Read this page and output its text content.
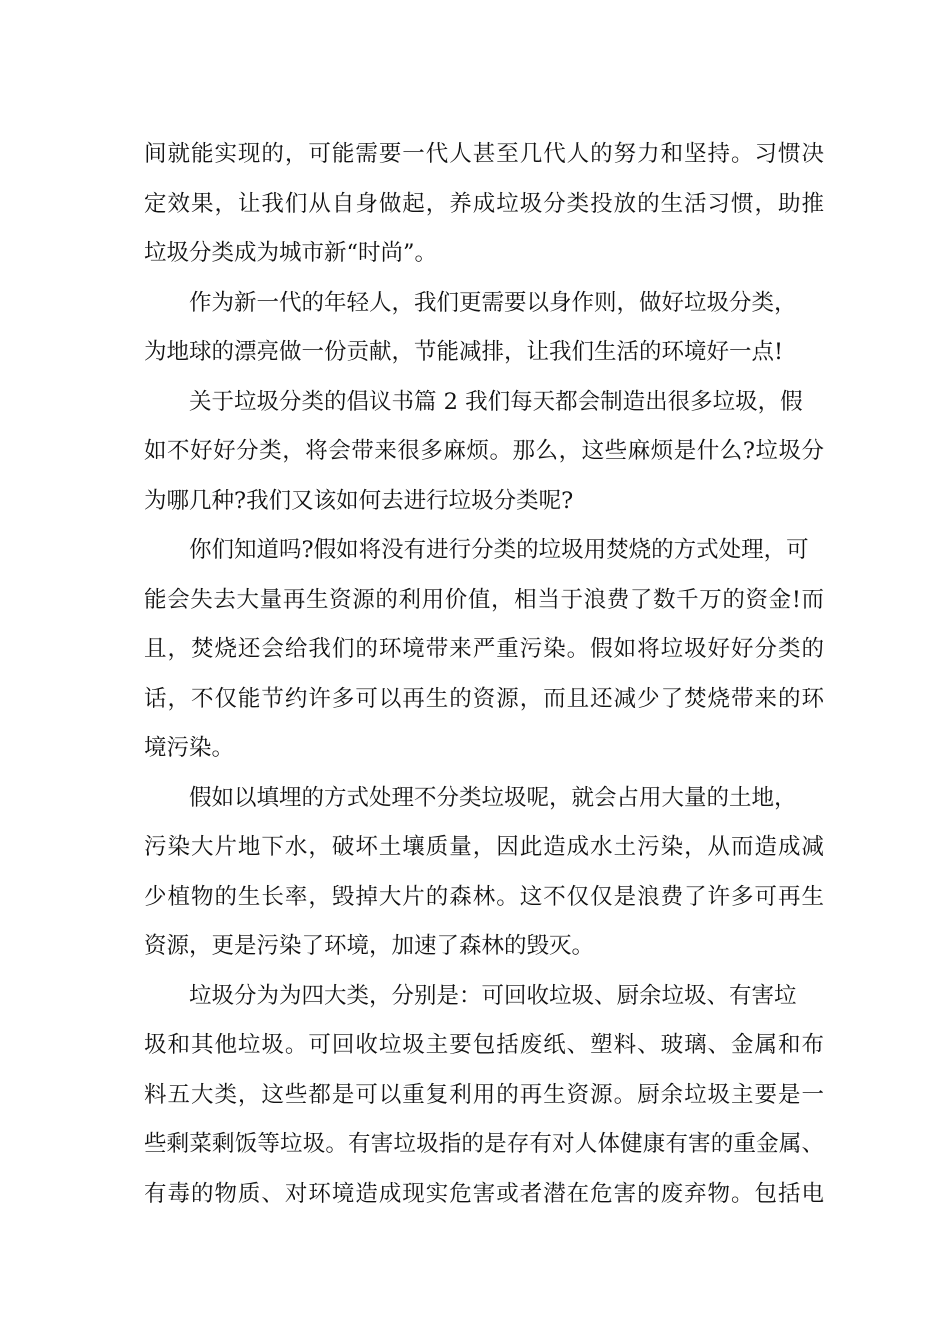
间就能实现的，可能需要一代人甚至几代人的努力和坚持。习惯决
定效果，让我们从自身做起，养成垃圾分类投放的生活习惯，助推
垃圾分类成为城市新“时尚”。
作为新一代的年轻人，我们更需要以身作则，做好垃圾分类，
为地球的漂亮做一份贡献，节能减排，让我们生活的环境好一点!
关于垃圾分类的倡议书篇 2 我们每天都会制造出很多垃圾，假
如不好好分类，将会带来很多麻烦。那么，这些麻烦是什么?垃圾分
为哪几种?我们又该如何去进行垃圾分类呢?
你们知道吗?假如将没有进行分类的垃圾用焚烧的方式处理，可
能会失去大量再生资源的利用价值，相当于浪费了数千万的资金!而
且，焚烧还会给我们的环境带来严重污染。假如将垃圾好好分类的
话，不仅能节约许多可以再生的资源，而且还减少了焚烧带来的环
境污染。
假如以填埋的方式处理不分类垃圾呢，就会占用大量的土地，
污染大片地下水，破坏土壤质量，因此造成水土污染，从而造成减
少植物的生长率，毁掉大片的森林。这不仅仅是浪费了许多可再生
资源，更是污染了环境，加速了森林的毁灭。
垃圾分为为四大类，分别是：可回收垃圾、厨余垃圾、有害垃
圾和其他垃圾。可回收垃圾主要包括废纸、塑料、玻璃、金属和布
料五大类，这些都是可以重复利用的再生资源。厨余垃圾主要是一
些剩菜剩饭等垃圾。有害垃圾指的是存有对人体健康有害的重金属、
有毒的物质、对环境造成现实危害或者潜在危害的废弃物。包括电
